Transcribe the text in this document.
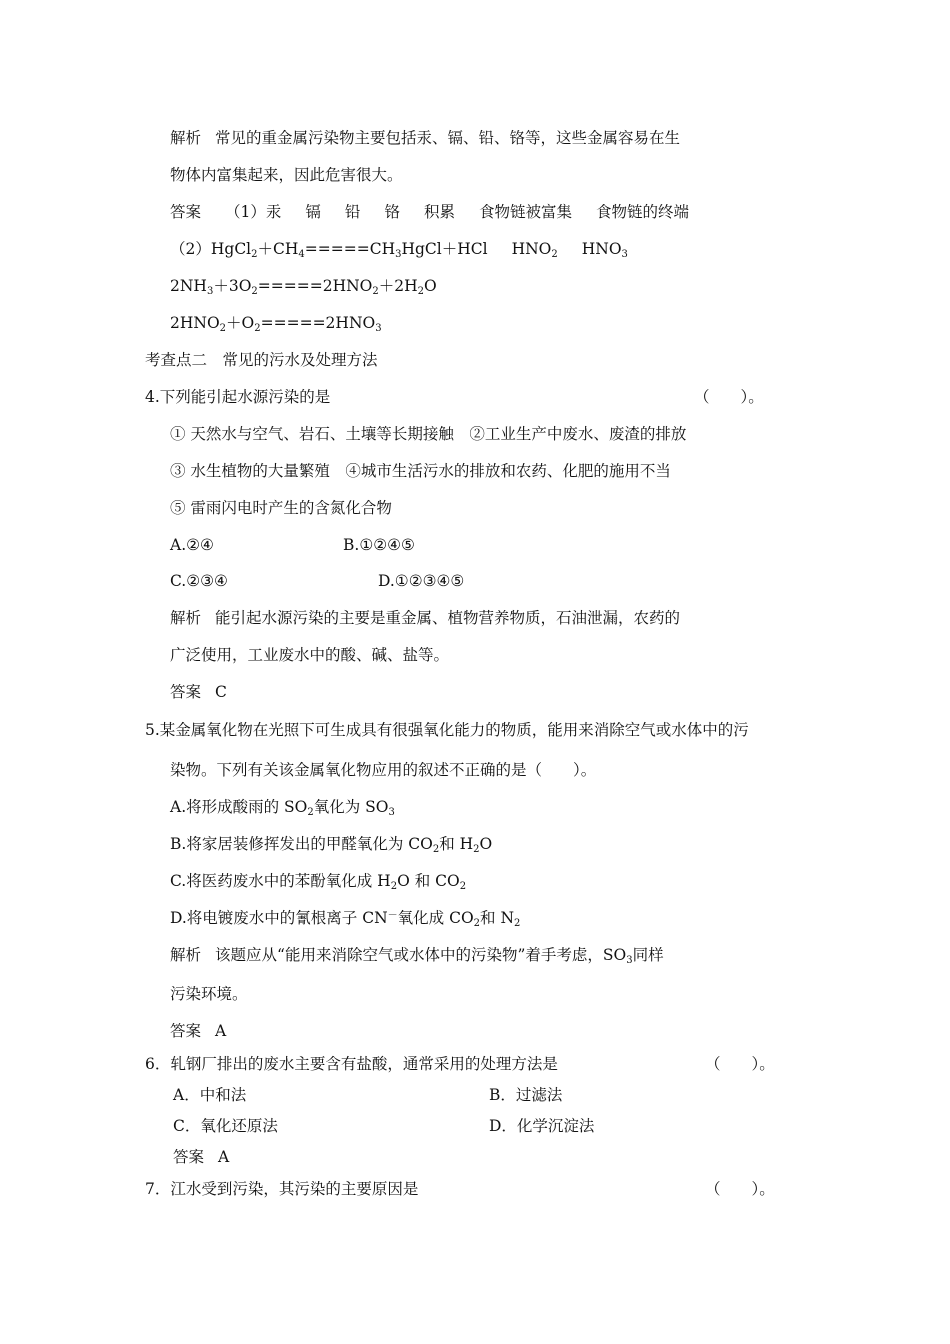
解析 常见的重金属污染物主要包括汞、镉、铅、铬等，这些金属容易在生
物体内富集起来，因此危害很大。
答案 （1）汞 镉 铅 铬 积累 食物链被富集 食物链的终端
$(2)HgCl_2+CH_4=====CH_3HgCl+HCl$ $HNO_2$ $HNO_3$
$2NH_3+3O_2=====2HNO_2+2H_2O$
$2HNO_2+O_2=====2HNO_3$
考查点二　常见的污水及处理方法
4.下列能引起水源污染的是	（　　）。
① 天然水与空气、岩石、土壤等长期接触　②工业生产中废水、废渣的排放
③ 水生植物的大量繁殖　④城市生活污水的排放和农药、化肥的施用不当
⑤ 雷雨闪电时产生的含氮化合物
A.②④	B.①②④⑤
C.②③④	D.①②③④⑤
解析 能引起水源污染的主要是重金属、植物营养物质，石油泄漏，农药的
广泛使用，工业废水中的酸、碱、盐等。
答案 C
5.某金属氧化物在光照下可生成具有很强氧化能力的物质，能用来消除空气或水体中的污
染物。下列有关该金属氧化物应用的叙述不正确的是（　　）。
A.将形成酸雨的 $SO_2$氧化为 $SO_3$
B.将家居装修挥发出的甲醛氧化为 $CO_2$和 $H_2O$
C.将医药废水中的苯酚氧化成 $H_2O$ 和 $CO_2$
D.将电镀废水中的氰根离子 CN－氧化成 $CO_2$和 $N_2$
解析 该题应从“能用来消除空气或水体中的污染物”着手考虑，$SO_3$同样
污染环境。
答案 A
6．轧钢厂排出的废水主要含有盐酸，通常采用的处理方法是	（　　）。
A．中和法	B．过滤法
C．氧化还原法	D．化学沉淀法
答案 A
7．江水受到污染，其污染的主要原因是	（　　）。
